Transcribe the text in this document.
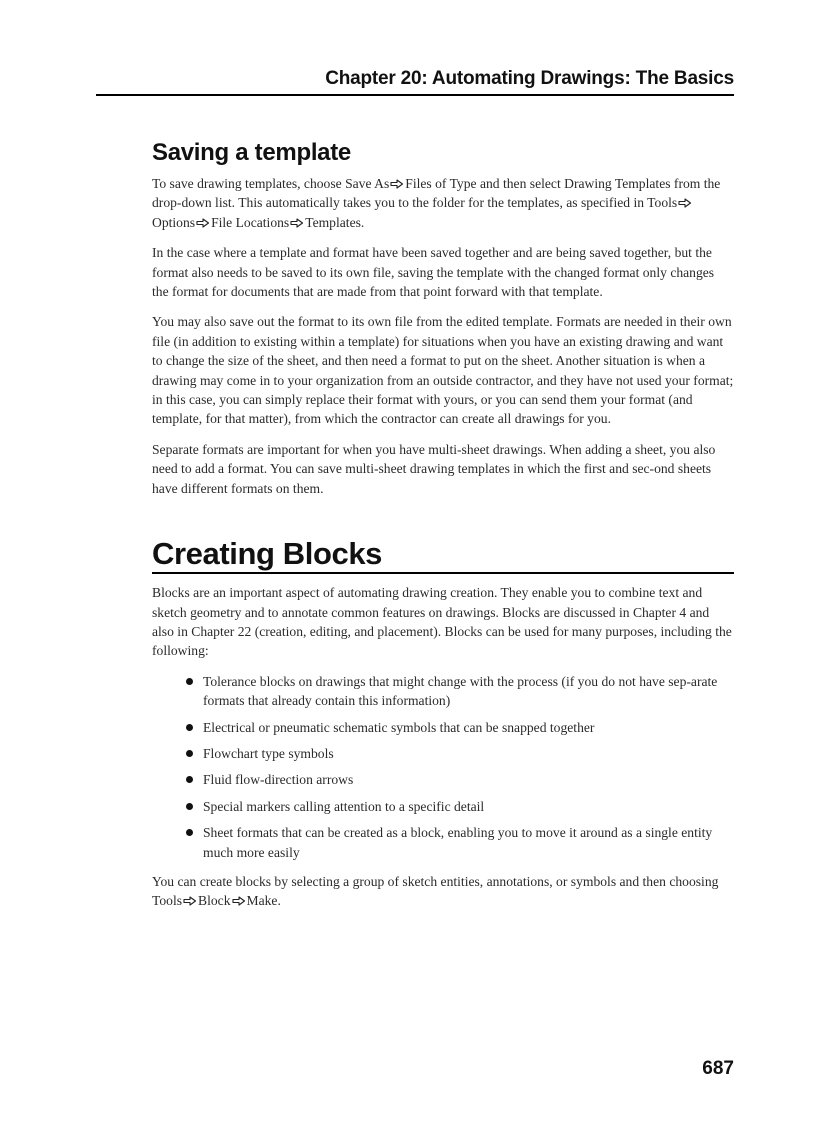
Chapter 20: Automating Drawings: The Basics
Saving a template

To save drawing templates, choose Save As Files of Type and then select Drawing Templates from the drop-down list. This automatically takes you to the folder for the templates, as specified in ToolsOptions File Locations Templates.

In the case where a template and format have been saved together and are being saved together, but the format also needs to be saved to its own file, saving the template with the changed format only changes the format for documents that are made from that point forward with that template.

You may also save out the format to its own file from the edited template. Formats are needed in their own file (in addition to existing within a template) for situations when you have an existing drawing and want to change the size of the sheet, and then need a format to put on the sheet. Another situation is when a drawing may come in to your organization from an outside contractor, and they have not used your format; in this case, you can simply replace their format with yours, or you can send them your format (and template, for that matter), from which the contractor can create all drawings for you.

Separate formats are important for when you have multi-sheet drawings. When adding a sheet, you also need to add a format. You can save multi-sheet drawing templates in which the first and sec-ond sheets have different formats on them.

Creating Blocks

Blocks are an important aspect of automating drawing creation. They enable you to combine text and sketch geometry and to annotate common features on drawings. Blocks are discussed in Chapter 4 and also in Chapter 22 (creation, editing, and placement). Blocks can be used for many purposes, including the following:

Tolerance blocks on drawings that might change with the process (if you do not have sep-arate formats that already contain this information)
Electrical or pneumatic schematic symbols that can be snapped together
Flowchart type symbols
Fluid flow-direction arrows
Special markers calling attention to a specific detail
Sheet formats that can be created as a block, enabling you to move it around as a single entity much more easily

You can create blocks by selecting a group of sketch entities, annotations, or symbols and then choosing Tools Block Make.

687
